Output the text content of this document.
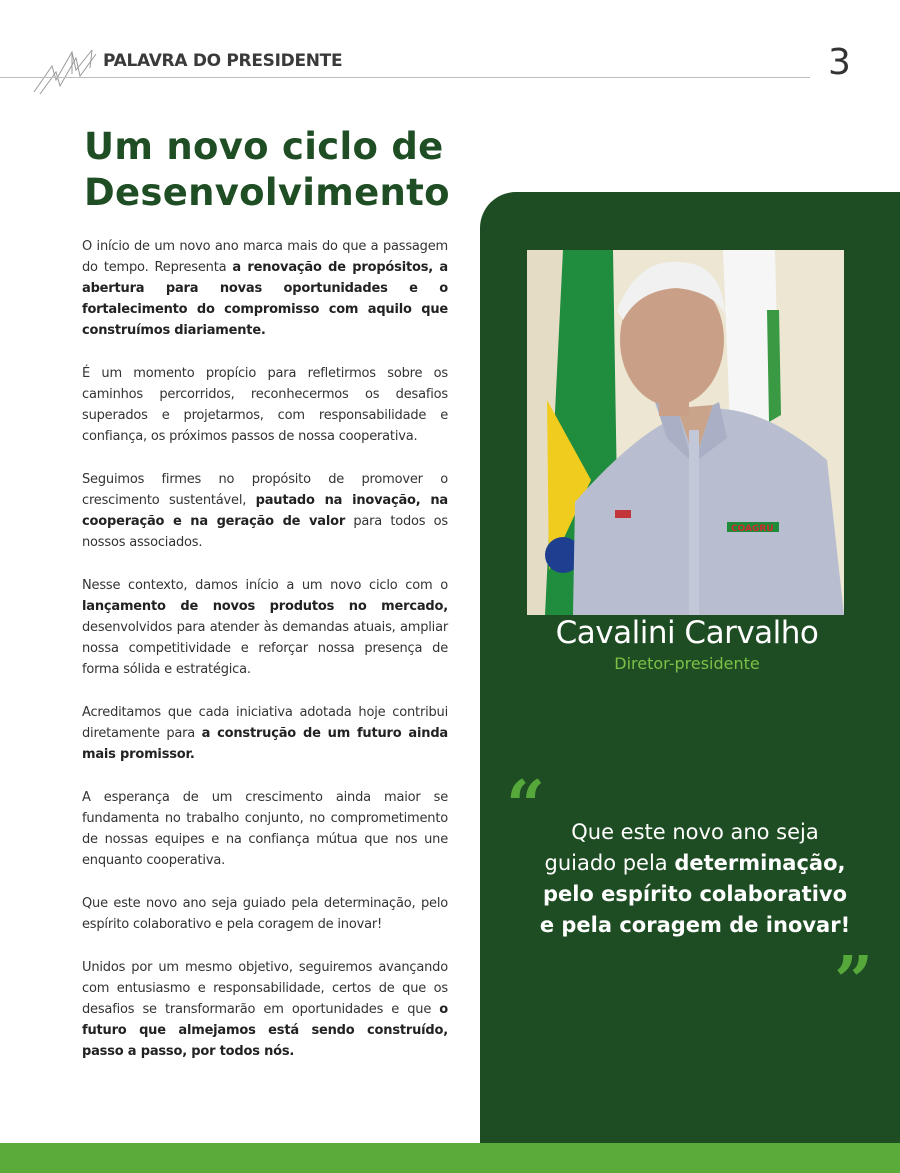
PALAVRA DO PRESIDENTE	3
Um novo ciclo de
Desenvolvimento

O início de um novo ano marca mais do que a passagem do tempo. Representa a renovação de propósitos, a abertura para novas oportunidades e o fortalecimento do compromisso com aquilo que construímos diariamente.

É um momento propício para refletirmos sobre os caminhos percorridos, reconhecermos os desafios superados e projetarmos, com responsabilidade e confiança, os próximos passos de nossa cooperativa.

Seguimos firmes no propósito de promover o crescimento sustentável, pautado na inovação, na cooperação e na geração de valor para todos os nossos associados.

Nesse contexto, damos início a um novo ciclo com o lançamento de novos produtos no mercado, desenvolvidos para atender às demandas atuais, ampliar nossa competitividade e reforçar nossa presença de forma sólida e estratégica.

Acreditamos que cada iniciativa adotada hoje contribui diretamente para a construção de um futuro ainda mais promissor.

A esperança de um crescimento ainda maior se fundamenta no trabalho conjunto, no comprometimento de nossas equipes e na confiança mútua que nos une enquanto cooperativa.

Que este novo ano seja guiado pela determinação, pelo espírito colaborativo e pela coragem de inovar!

Unidos por um mesmo objetivo, seguiremos avançando com entusiasmo e responsabilidade, certos de que os desafios se transformarão em oportunidades e que o futuro que almejamos está sendo construído, passo a passo, por todos nós.

COAGRU
Cavalini Carvalho
Diretor-presidente
“	Que este novo ano seja
guiado pela determinação,
pelo espírito colaborativo
e pela coragem de inovar!
”
